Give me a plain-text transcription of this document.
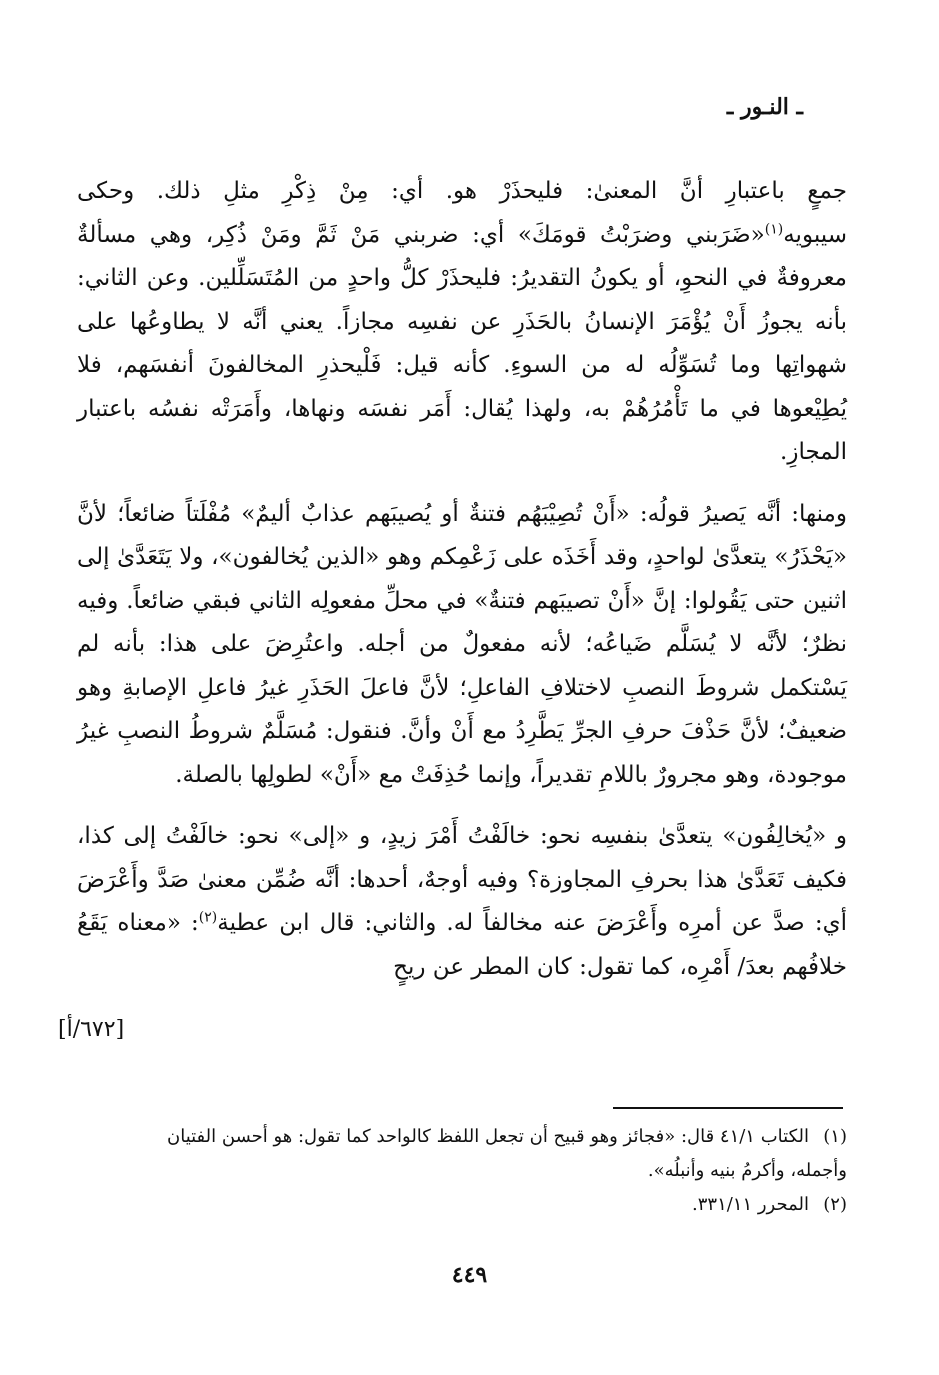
ـ النـور ـ

جمعٍ باعتبارِ أنَّ المعنىٰ: فليحذَرْ هو. أي: مِنْ ذِكْرِ مثلِ ذلك. وحكى سيبويه$^{(١)}$«ضَرَبني وضرَبْتُ قومَكَ» أي: ضربني مَنْ ثَمَّ ومَنْ ذُكِر، وهي مسألةٌ معروفةٌ في النحوِ، أو يكونُ التقديرُ: فليحذَرْ كلُّ واحدٍ من المُتَسَلِّلين. وعن الثاني: بأنه يجوزُ أَنْ يُؤْمَرَ الإنسانُ بالحَذَرِ عن نفسِه مجازاً. يعني أنَّه لا يطاوعُها على شهواتِها وما تُسَوِّلُه له من السوءِ. كأنه قيل: فَلْيحذرِ المخالفونَ أنفسَهم، فلا يُطِيْعوها في ما تَأْمُرُهُمْ به، ولهذا يُقال: أَمَر نفسَه ونهاها، وأَمَرَتْه نفسُه باعتبار المجازِ.

ومنها: أنَّه يَصيرُ قولُه: «أَنْ تُصِيْبَهُم فتنةٌ أو يُصيبَهم عذابٌ أليمٌ» مُفْلَتاً ضائعاً؛ لأنَّ «يَحْذَرُ» يتعدَّىٰ لواحدٍ، وقد أَخَذَه على زَعْمِكم وهو «الذين يُخالفون»، ولا يَتَعَدَّىٰ إلى اثنين حتى يَقُولوا: إنَّ «أَنْ تصيبَهم فتنةٌ» في محلِّ مفعولِه الثاني فبقي ضائعاً. وفيه نظرٌ؛ لأنَّه لا يُسَلَّم ضَياعُه؛ لأنه مفعولٌ من أجله. واعتُرِضَ على هذا: بأنه لم يَسْتكمل شروطَ النصبِ لاختلافِ الفاعلِ؛ لأنَّ فاعلَ الحَذَرِ غيرُ فاعلِ الإصابةِ وهو ضعيفٌ؛ لأنَّ حَذْفَ حرفِ الجرِّ يَطَّرِدُ مع أَنْ وأنَّ. فنقول: مُسَلَّمٌ شروطُ النصبِ غيرُ موجودة، وهو مجرورٌ باللامِ تقديراً، وإنما حُذِفَتْ مع «أَنْ» لطولِها بالصلة.

و «يُخالِفُون» يتعدَّىٰ بنفسِه نحو: خالَفْتُ أَمْرَ زيدٍ، و «إلى» نحو: خالَفْتُ إلى كذا، فكيف تَعَدَّىٰ هذا بحرفِ المجاوزة؟ وفيه أوجهٌ، أحدها: أنَّه ضُمِّن معنىٰ صَدَّ وأَعْرَضَ أي: صدَّ عن أمرِه وأَعْرَضَ عنه مخالفاً له. والثاني: قال ابن عطية$^{(٢)}$: «معناه يَقَعُ خلافُهم بعدَ/ أَمْرِه، كما تقول: كان المطر عن ريحٍ

[٦٧٢/أ]

(١)الكتاب ٤١/١ قال: «فجائز وهو قبيح أن تجعل اللفظ كالواحد كما تقول: هو أحسن الفتيان وأجمله، وأكرمُ بنيه وأنبلُه».

(٢)المحرر ٣٣١/١١.

٤٤٩
